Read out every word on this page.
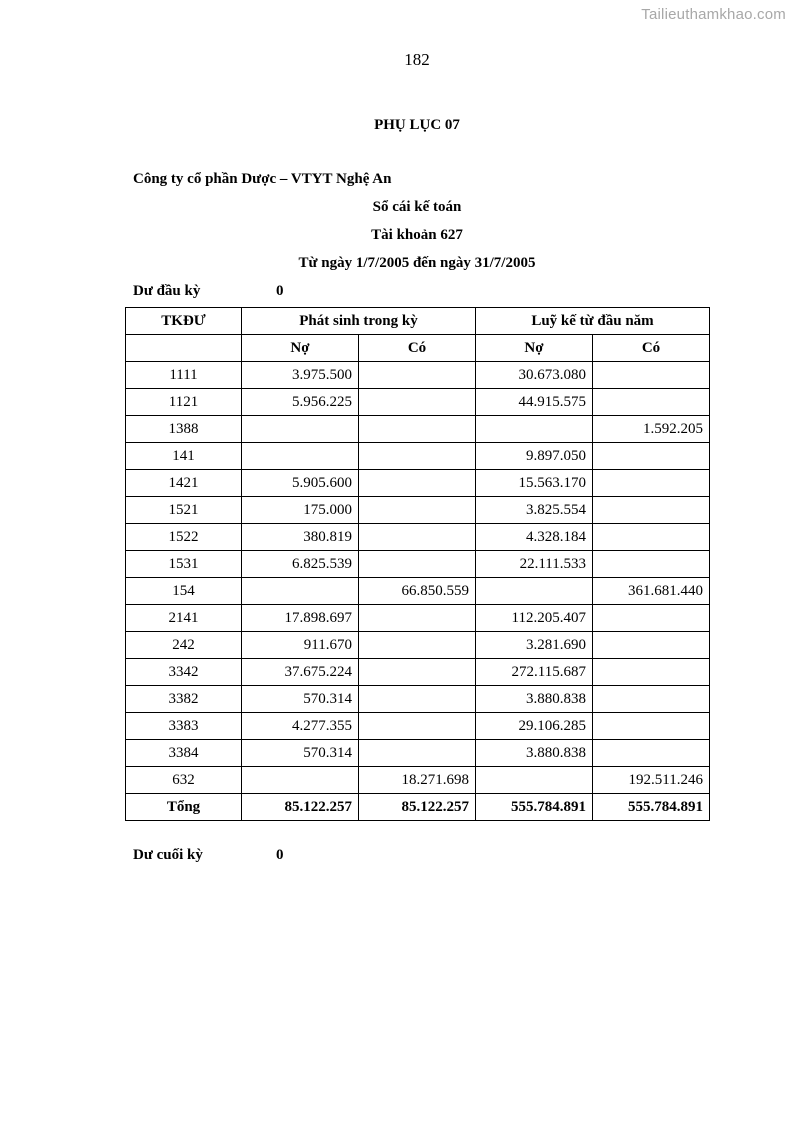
Tailieuthamkhao.com
182
PHỤ LỤC 07
Công ty cổ phần Dược – VTYT Nghệ An
Sổ cái kế toán
Tài khoản 627
Từ ngày 1/7/2005 đến ngày 31/7/2005
Dư đầu kỳ	0
TKĐƯ	Phát sinh trong kỳ		Luỹ kế từ đầu năm	
	Nợ	Có	Nợ	Có
1111	3.975.500		30.673.080	
1121	5.956.225		44.915.575	
1388				1.592.205
141			9.897.050	
1421	5.905.600		15.563.170	
1521	175.000		3.825.554	
1522	380.819		4.328.184	
1531	6.825.539		22.111.533	
154		66.850.559		361.681.440
2141	17.898.697		112.205.407	
242	911.670		3.281.690	
3342	37.675.224		272.115.687	
3382	570.314		3.880.838	
3383	4.277.355		29.106.285	
3384	570.314		3.880.838	
632		18.271.698		192.511.246
Tổng	85.122.257	85.122.257	555.784.891	555.784.891
Dư cuối kỳ	0
